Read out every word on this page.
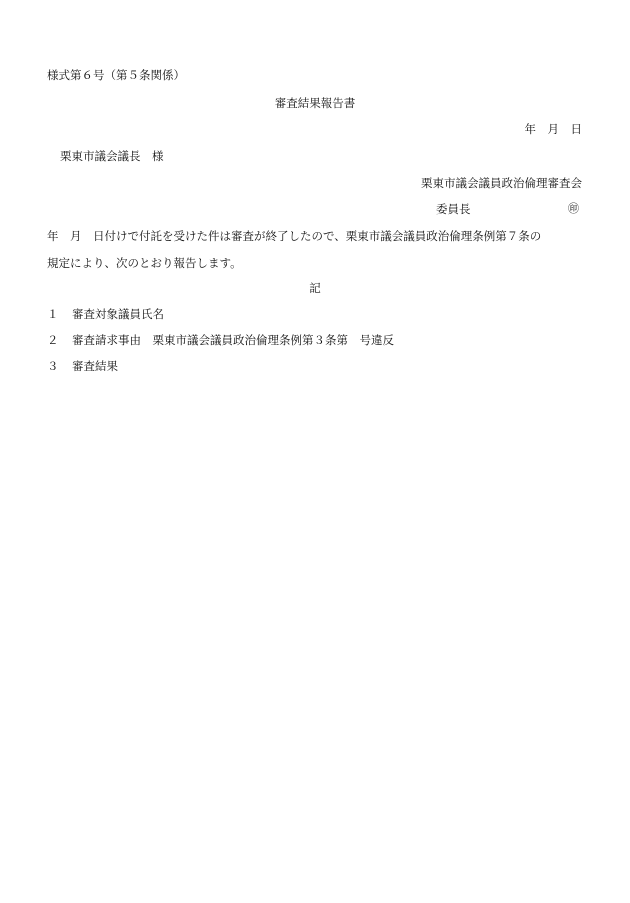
様式第６号（第５条関係）
審査結果報告書
年　月　日
栗東市議会議長　様
栗東市議会議員政治倫理審査会
委員長	㊞
年　月　日付けで付託を受けた件は審査が終了したので、栗東市議会議員政治倫理条例第７条の
規定により、次のとおり報告します。
記
１ 審査対象議員氏名
２ 審査請求事由　栗東市議会議員政治倫理条例第３条第　号違反
３ 審査結果
